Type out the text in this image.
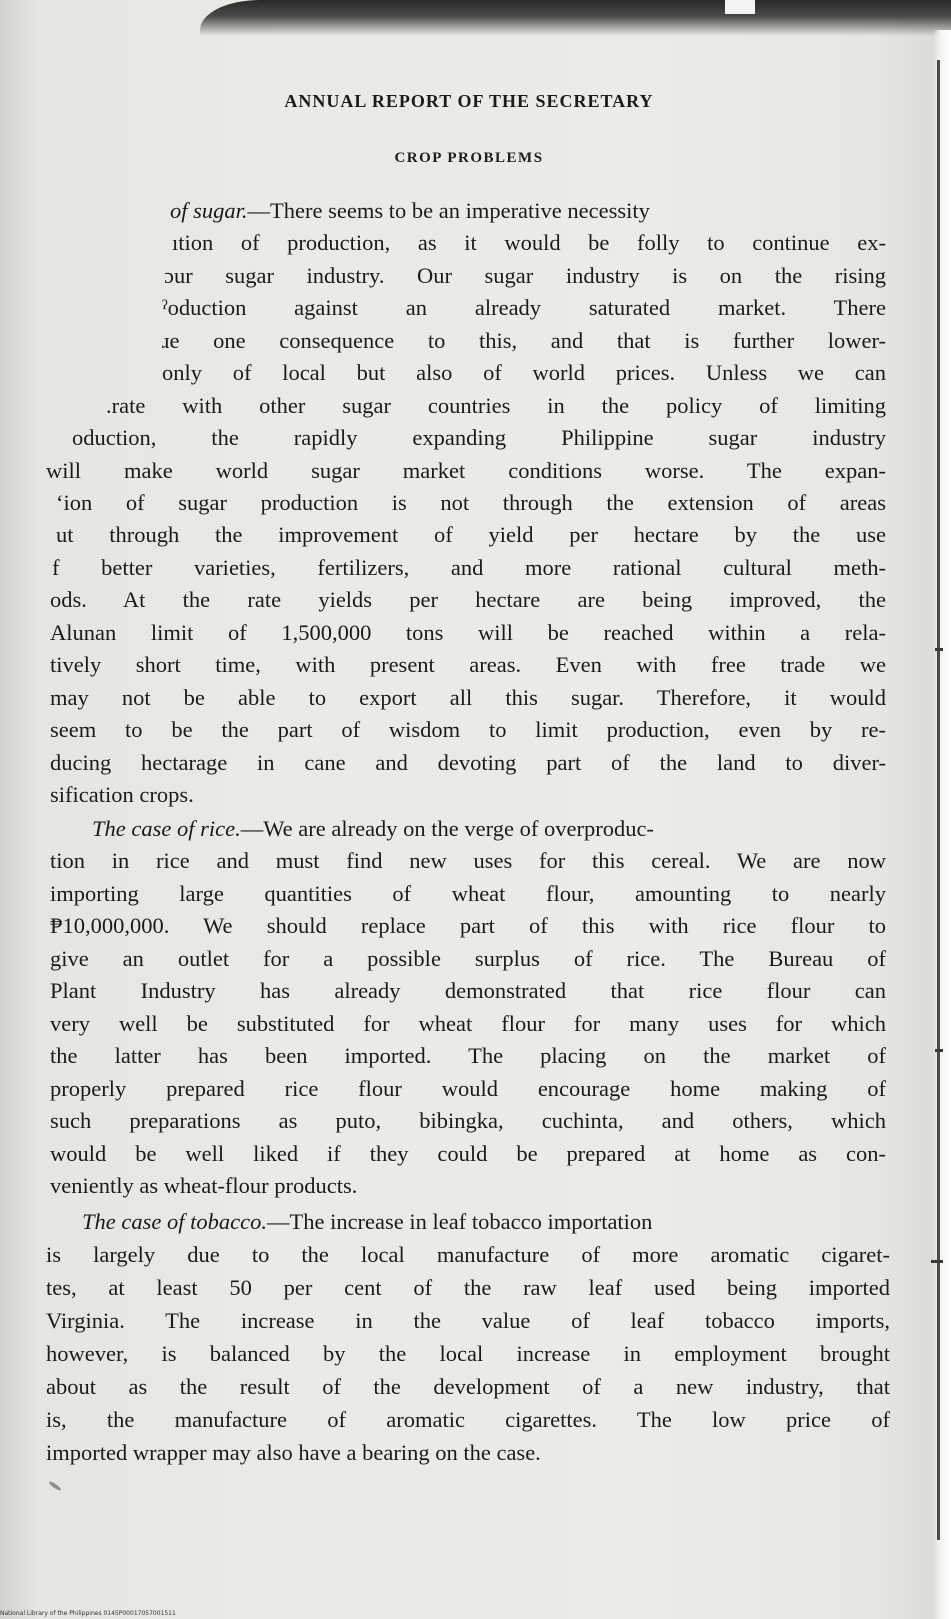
ANNUAL REPORT OF THE SECRETARY
CROP PROBLEMS
of sugar.—There seems to be an imperative necessity
ıtion of production, as it would be folly to continue ex-
ɔur sugar industry. Our sugar industry is on the rising
ˀoduction against an already saturated market. There
ɹe one consequence to this, and that is further lower-
only of local but also of world prices. Unless we can
.rate with other sugar countries in the policy of limiting
oduction, the rapidly expanding Philippine sugar industry
will make world sugar market conditions worse. The expan-
ʻion of sugar production is not through the extension of areas
ut through the improvement of yield per hectare by the use
f better varieties, fertilizers, and more rational cultural meth-
ods. At the rate yields per hectare are being improved, the
Alunan limit of 1,500,000 tons will be reached within a rela-
tively short time, with present areas. Even with free trade we
may not be able to export all this sugar. Therefore, it would
seem to be the part of wisdom to limit production, even by re-
ducing hectarage in cane and devoting part of the land to diver-
sification crops.
The case of rice.—We are already on the verge of overproduc-
tion in rice and must find new uses for this cereal. We are now
importing large quantities of wheat flour, amounting to nearly
₱10,000,000. We should replace part of this with rice flour to
give an outlet for a possible surplus of rice. The Bureau of
Plant Industry has already demonstrated that rice flour can
very well be substituted for wheat flour for many uses for which
the latter has been imported. The placing on the market of
properly prepared rice flour would encourage home making of
such preparations as puto, bibingka, cuchinta, and others, which
would be well liked if they could be prepared at home as con-
veniently as wheat-flour products.
The case of tobacco.—The increase in leaf tobacco importation
is largely due to the local manufacture of more aromatic cigaret-
tes, at least 50 per cent of the raw leaf used being imported
Virginia. The increase in the value of leaf tobacco imports,
however, is balanced by the local increase in employment brought
about as the result of the development of a new industry, that
is, the manufacture of aromatic cigarettes. The low price of
imported wrapper may also have a bearing on the case.
National Library of the Philippines 0145P00017057001511
